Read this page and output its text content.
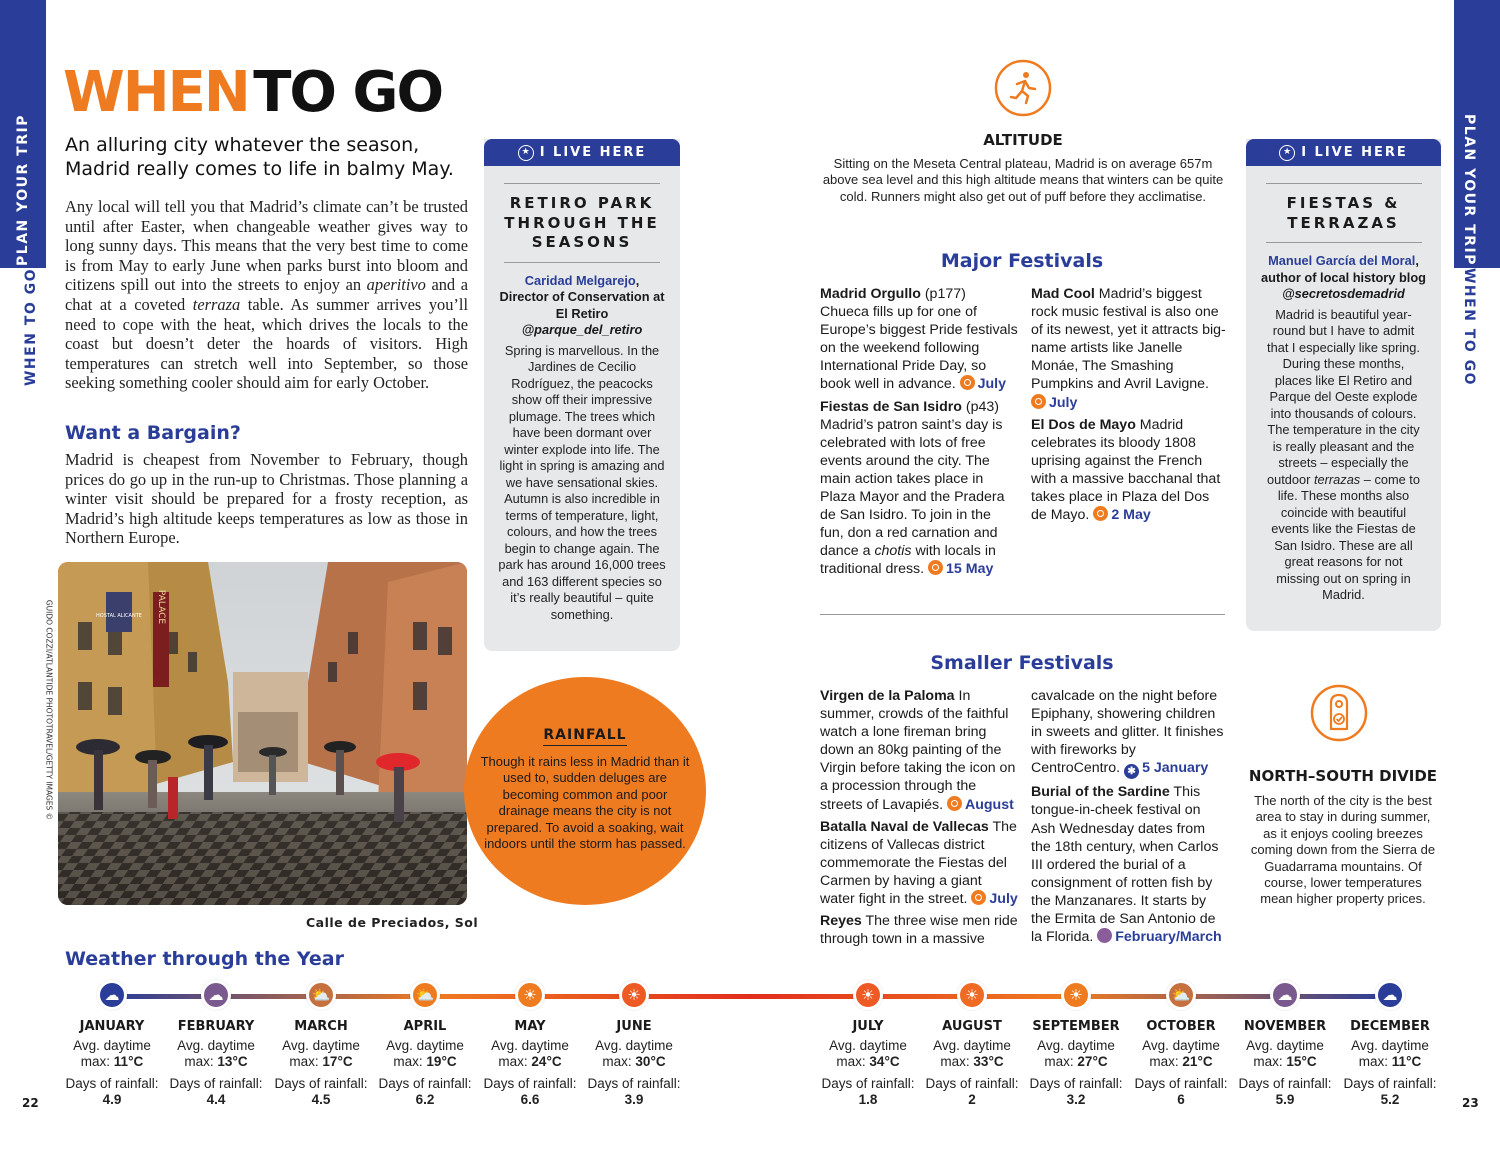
PLAN YOUR TRIP
WHEN TO GO
PLAN YOUR TRIP
WHEN TO GO
WHEN TO GO
An alluring city whatever the season, Madrid really comes to life in balmy May.
Any local will tell you that Madrid’s climate can’t be trusted until after Easter, when changeable weather gives way to long sunny days. This means that the very best time to come is from May to early June when parks burst into bloom and citizens spill out into the streets to enjoy an aperitivo and a chat at a coveted terraza table. As summer arrives you’ll need to cope with the heat, which drives the locals to the coast but doesn’t deter the hoards of visitors. High temperatures can stretch well into September, so those seeking something cooler should aim for early October.
Want a Bargain?
Madrid is cheapest from November to February, though prices do go up in the run-up to Christmas. Those planning a winter visit should be prepared for a frosty reception, as Madrid’s high altitude keeps temperatures as low as those in Northern Europe.
PALACE
HOSTAL ALICANTE
GUIDO COZZI/ATLANTIDE PHOTOTRAVEL/GETTY IMAGES ©
Calle de Preciados, Sol
★ I LIVE HERE
RETIRO PARK THROUGH THE SEASONS
Caridad Melgarejo,
Director of Conservation at El Retiro
@parque_del_retiro
Spring is marvellous. In the Jardines de Cecilio Rodríguez, the peacocks show off their impressive plumage. The trees which have been dormant over winter explode into life. The light in spring is amazing and we have sensational skies. Autumn is also incredible in terms of temperature, light, colours, and how the trees begin to change again. The park has around 16,000 trees and 163 different species so it’s really beautiful – quite something.
RAINFALL
Though it rains less in Madrid than it used to, sudden deluges are becoming common and poor drainage means the city is not prepared. To avoid a soaking, wait indoors until the storm has passed.
ALTITUDE
Sitting on the Meseta Central plateau, Madrid is on average 657m above sea level and this high altitude means that winters can be quite cold. Runners might also get out of puff before they acclimatise.
Major Festivals

Madrid Orgullo (p177) Chueca fills up for one of Europe’s biggest Pride festivals on the weekend following International Pride Day, so book well in advance. July

Fiestas de San Isidro (p43) Madrid’s patron saint’s day is celebrated with lots of free events around the city. The main action takes place in Plaza Mayor and the Pradera de San Isidro. To join in the fun, don a red carnation and dance a chotis with locals in traditional dress. 15 May

Mad Cool Madrid’s biggest rock music festival is also one of its newest, yet it attracts big-name artists like Janelle Monáe, The Smashing Pumpkins and Avril Lavigne. July

El Dos de Mayo Madrid celebrates its bloody 1808 uprising against the French with a massive bacchanal that takes place in Plaza del Dos de Mayo. 2 May

Smaller Festivals

Virgen de la Paloma In summer, crowds of the faithful watch a lone fireman bring down an 80kg painting of the Virgin before taking the icon on a procession through the streets of Lavapiés. August

Batalla Naval de Vallecas The citizens of Vallecas district commemorate the Fiestas del Carmen by having a giant water fight in the street. July

Reyes The three wise men ride through town in a massive

cavalcade on the night before Epiphany, showering children in sweets and glitter. It finishes with fireworks by CentroCentro. ✱5 January

Burial of the Sardine This tongue-in-cheek festival on Ash Wednesday dates from the 18th century, when Carlos III ordered the burial of a consignment of rotten fish by the Manzanares. It starts by the Ermita de San Antonio de la Florida. February/March

★ I LIVE HERE
FIESTAS & TERRAZAS
Manuel García del Moral,
author of local history blog @secretosdemadrid
Madrid is beautiful year-round but I have to admit that I especially like spring. During these months, places like El Retiro and Parque del Oeste explode into thousands of colours. The temperature in the city is really pleasant and the streets – especially the outdoor terrazas – come to life. These months also coincide with beautiful events like the Fiestas de San Isidro. These are all great reasons for not missing out on spring in Madrid.
NORTH–SOUTH DIVIDE
The north of the city is the best area to stay in during summer, as it enjoys cooling breezes coming down from the Sierra de Guadarrama mountains. Of course, lower temperatures mean higher property prices.
Weather through the Year
☁
JANUARY
Avg. daytime max: 11°C
Days of rainfall:
4.9
☁
FEBRUARY
Avg. daytime max: 13°C
Days of rainfall:
4.4
⛅
MARCH
Avg. daytime max: 17°C
Days of rainfall:
4.5
⛅
APRIL
Avg. daytime max: 19°C
Days of rainfall:
6.2
☀
MAY
Avg. daytime max: 24°C
Days of rainfall:
6.6
☀
JUNE
Avg. daytime max: 30°C
Days of rainfall:
3.9
☀
JULY
Avg. daytime max: 34°C
Days of rainfall:
1.8
☀
AUGUST
Avg. daytime max: 33°C
Days of rainfall:
2
☀
SEPTEMBER
Avg. daytime max: 27°C
Days of rainfall:
3.2
⛅
OCTOBER
Avg. daytime max: 21°C
Days of rainfall:
6
☁
NOVEMBER
Avg. daytime max: 15°C
Days of rainfall:
5.9
☁
DECEMBER
Avg. daytime max: 11°C
Days of rainfall:
5.2
22	23
